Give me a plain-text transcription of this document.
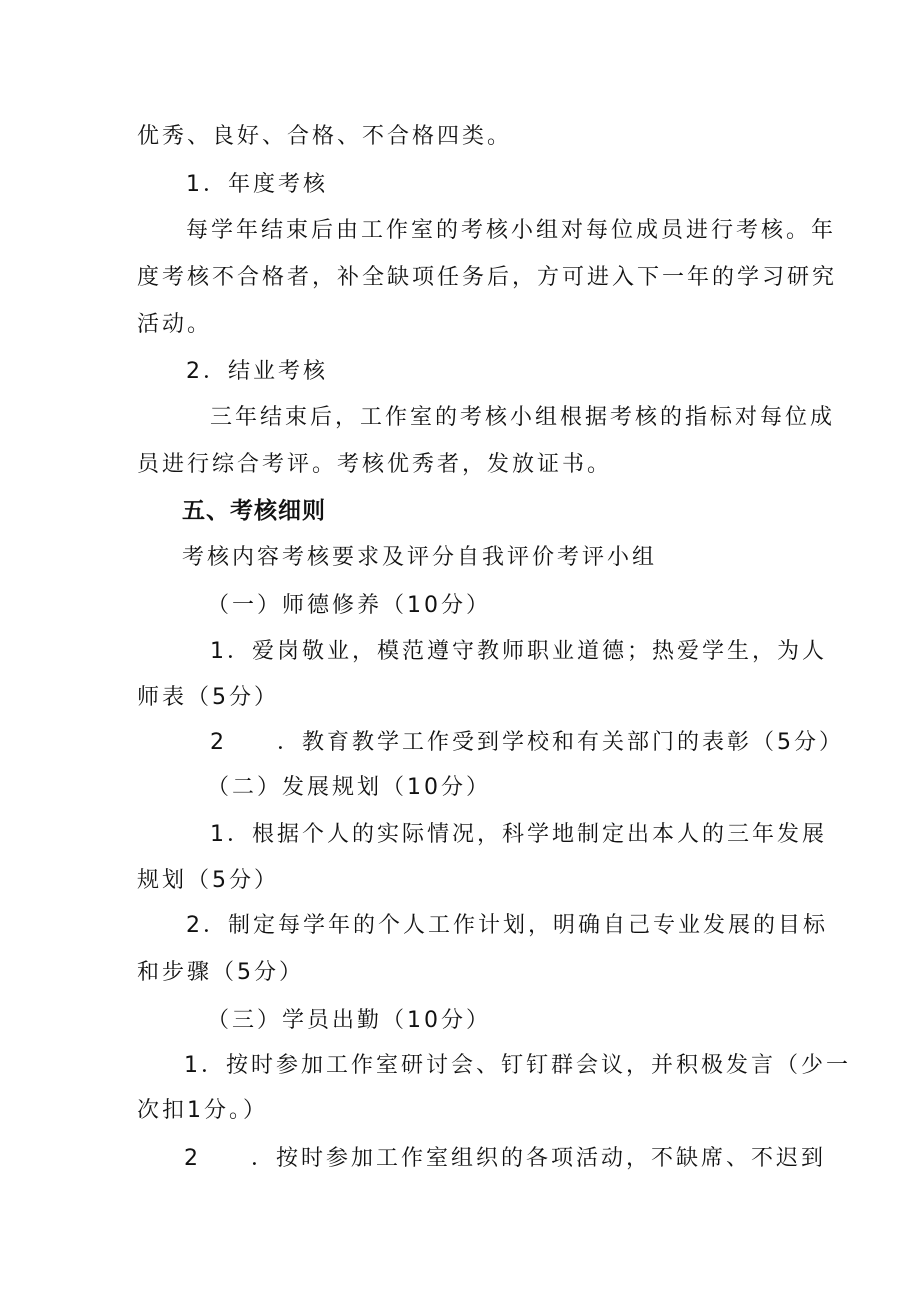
优秀、良好、合格、不合格四类。
1．年度考核
每学年结束后由工作室的考核小组对每位成员进行考核。年
度考核不合格者，补全缺项任务后，方可进入下一年的学习研究
活动。
2．结业考核
三年结束后，工作室的考核小组根据考核的指标对每位成
员进行综合考评。考核优秀者，发放证书。
五、考核细则
考核内容考核要求及评分自我评价考评小组
（一）师德修养（10分）
1．爱岗敬业，模范遵守教师职业道德；热爱学生，为人
师表（5分）
2　　．教育教学工作受到学校和有关部门的表彰（5分）
（二）发展规划（10分）
1．根据个人的实际情况，科学地制定出本人的三年发展
规划（5分）
2．制定每学年的个人工作计划，明确自己专业发展的目标
和步骤（5分）
（三）学员出勤（10分）
1．按时参加工作室研讨会、钉钉群会议，并积极发言（少一
次扣1分。）
2　　．按时参加工作室组织的各项活动，不缺席、不迟到
